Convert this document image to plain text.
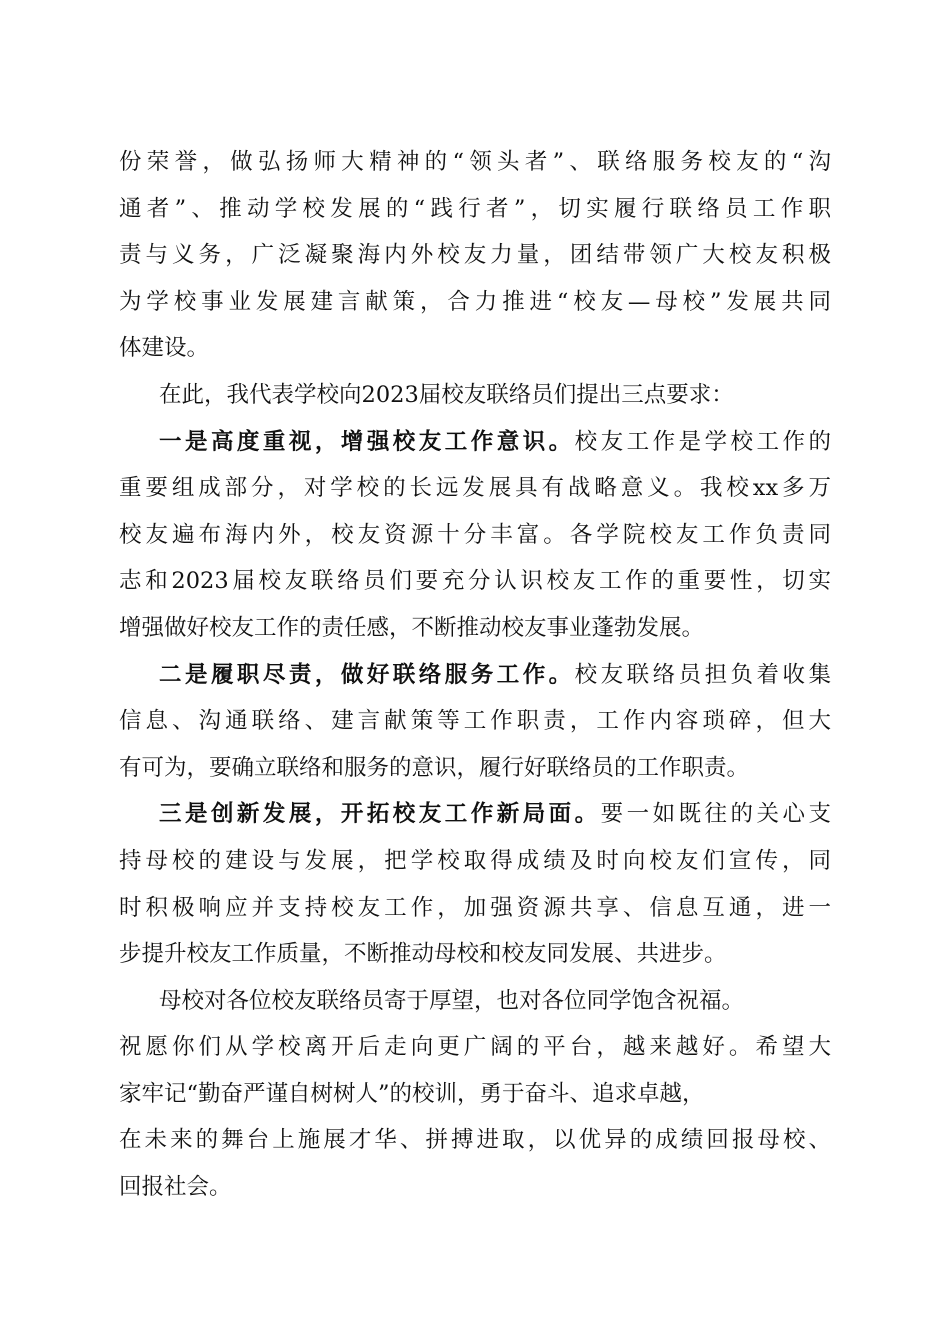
份荣誉，做弘扬师大精神的“领头者”、联络服务校友的“沟
通者”、推动学校发展的“践行者”，切实履行联络员工作职
责与义务，广泛凝聚海内外校友力量，团结带领广大校友积极
为学校事业发展建言献策，合力推进“校友—母校”发展共同
体建设。
在此，我代表学校向2023届校友联络员们提出三点要求：
一是高度重视，增强校友工作意识。校友工作是学校工作的
重要组成部分，对学校的长远发展具有战略意义。我校xx多万
校友遍布海内外，校友资源十分丰富。各学院校友工作负责同
志和2023届校友联络员们要充分认识校友工作的重要性，切实
增强做好校友工作的责任感，不断推动校友事业蓬勃发展。
二是履职尽责，做好联络服务工作。校友联络员担负着收集
信息、沟通联络、建言献策等工作职责，工作内容琐碎，但大
有可为，要确立联络和服务的意识，履行好联络员的工作职责。
三是创新发展，开拓校友工作新局面。要一如既往的关心支
持母校的建设与发展，把学校取得成绩及时向校友们宣传，同
时积极响应并支持校友工作，加强资源共享、信息互通，进一
步提升校友工作质量，不断推动母校和校友同发展、共进步。
母校对各位校友联络员寄于厚望，也对各位同学饱含祝福。
祝愿你们从学校离开后走向更广阔的平台，越来越好。希望大
家牢记“勤奋严谨自树树人”的校训，勇于奋斗、追求卓越，
在未来的舞台上施展才华、拼搏进取，以优异的成绩回报母校、
回报社会。
